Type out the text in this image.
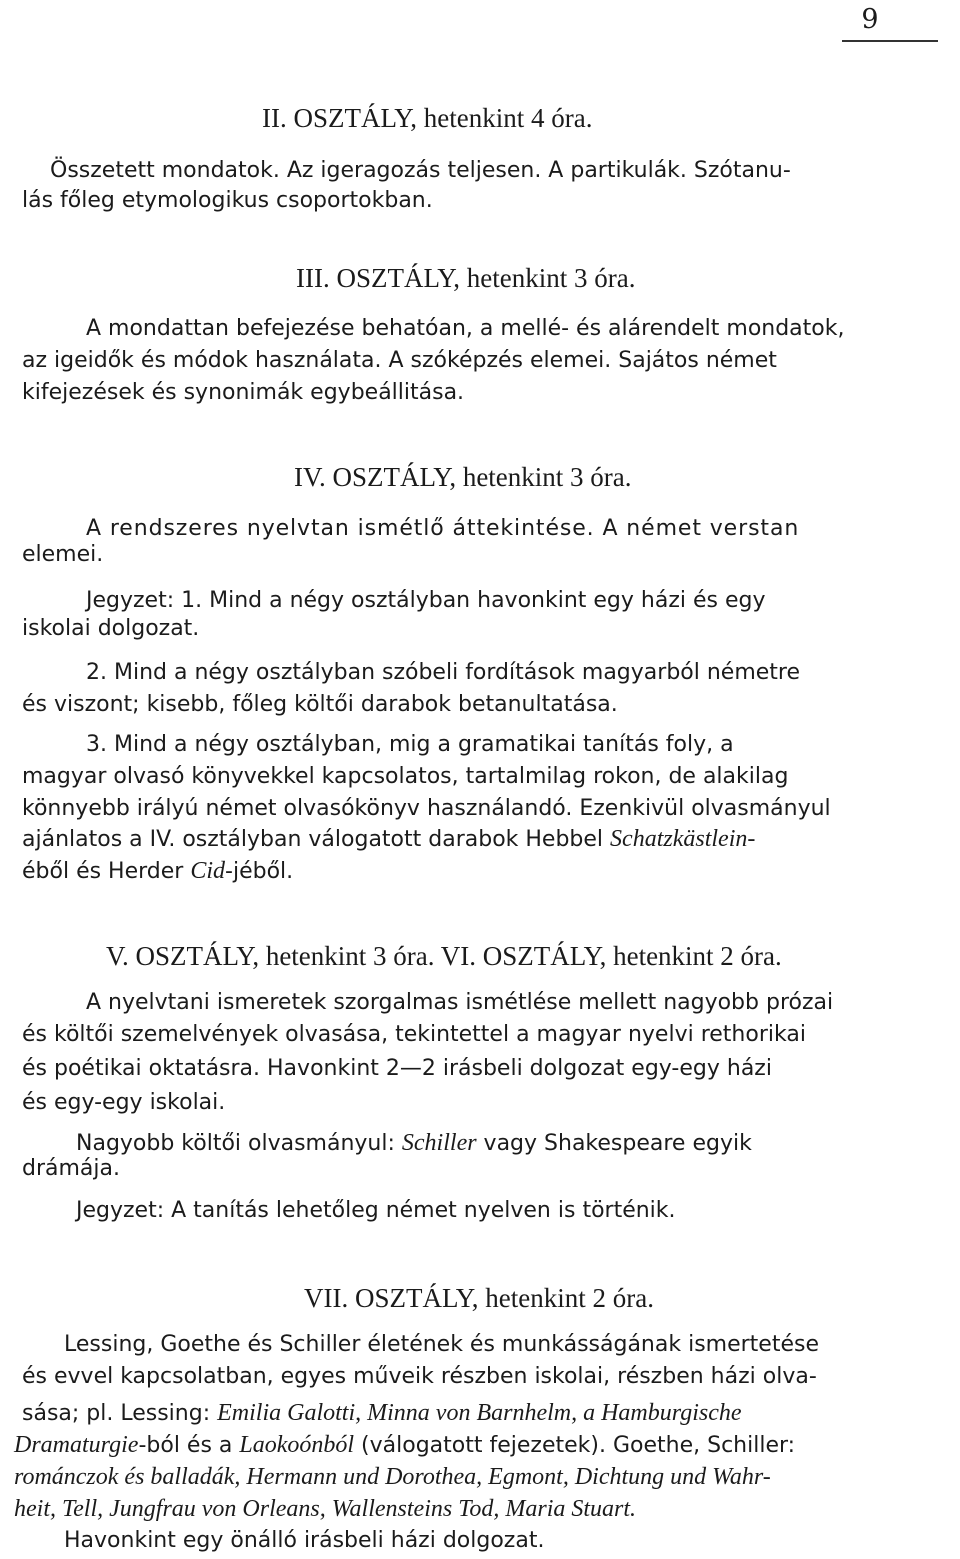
9
II. OSZTÁLY, hetenkint 4 óra.
Összetett mondatok. Az igeragozás teljesen. A partikulák. Szótanu-
lás főleg etymologikus csoportokban.
III. OSZTÁLY, hetenkint 3 óra.
A mondattan befejezése behatóan, a mellé- és alárendelt mondatok,
az igeidők és módok használata. A szóképzés elemei. Sajátos német
kifejezések és synonimák egybeállitása.
IV. OSZTÁLY, hetenkint 3 óra.
A rendszeres nyelvtan ismétlő áttekintése. A német verstan
elemei.
Jegyzet: 1. Mind a négy osztályban havonkint egy házi és egy
iskolai dolgozat.
2. Mind a négy osztályban szóbeli fordítások magyarból németre
és viszont; kisebb, főleg költői darabok betanultatása.
3. Mind a négy osztályban, mig a gramatikai tanítás foly, a
magyar olvasó könyvekkel kapcsolatos, tartalmilag rokon, de alakilag
könnyebb irályú német olvasókönyv használandó. Ezenkivül olvasmányul
ajánlatos a IV. osztályban válogatott darabok Hebbel Schatzkästlein-
éből és Herder Cid-jéből.
V. OSZTÁLY, hetenkint 3 óra. VI. OSZTÁLY, hetenkint 2 óra.
A nyelvtani ismeretek szorgalmas ismétlése mellett nagyobb prózai
és költői szemelvények olvasása, tekintettel a magyar nyelvi rethorikai
és poétikai oktatásra. Havonkint 2—2 irásbeli dolgozat egy-egy házi
és egy-egy iskolai.
Nagyobb költői olvasmányul: Schiller vagy Shakespeare egyik
drámája.
Jegyzet: A tanítás lehetőleg német nyelven is történik.
VII. OSZTÁLY, hetenkint 2 óra.
Lessing, Goethe és Schiller életének és munkásságának ismertetése
és evvel kapcsolatban, egyes műveik részben iskolai, részben házi olva-
sása; pl. Lessing: Emilia Galotti, Minna von Barnhelm, a Hamburgische
Dramaturgie-ból és a Laokoónból (válogatott fejezetek). Goethe, Schiller:
románczok és balladák, Hermann und Dorothea, Egmont, Dichtung und Wahr-
heit, Tell, Jungfrau von Orleans, Wallensteins Tod, Maria Stuart.
Havonkint egy önálló irásbeli házi dolgozat.
